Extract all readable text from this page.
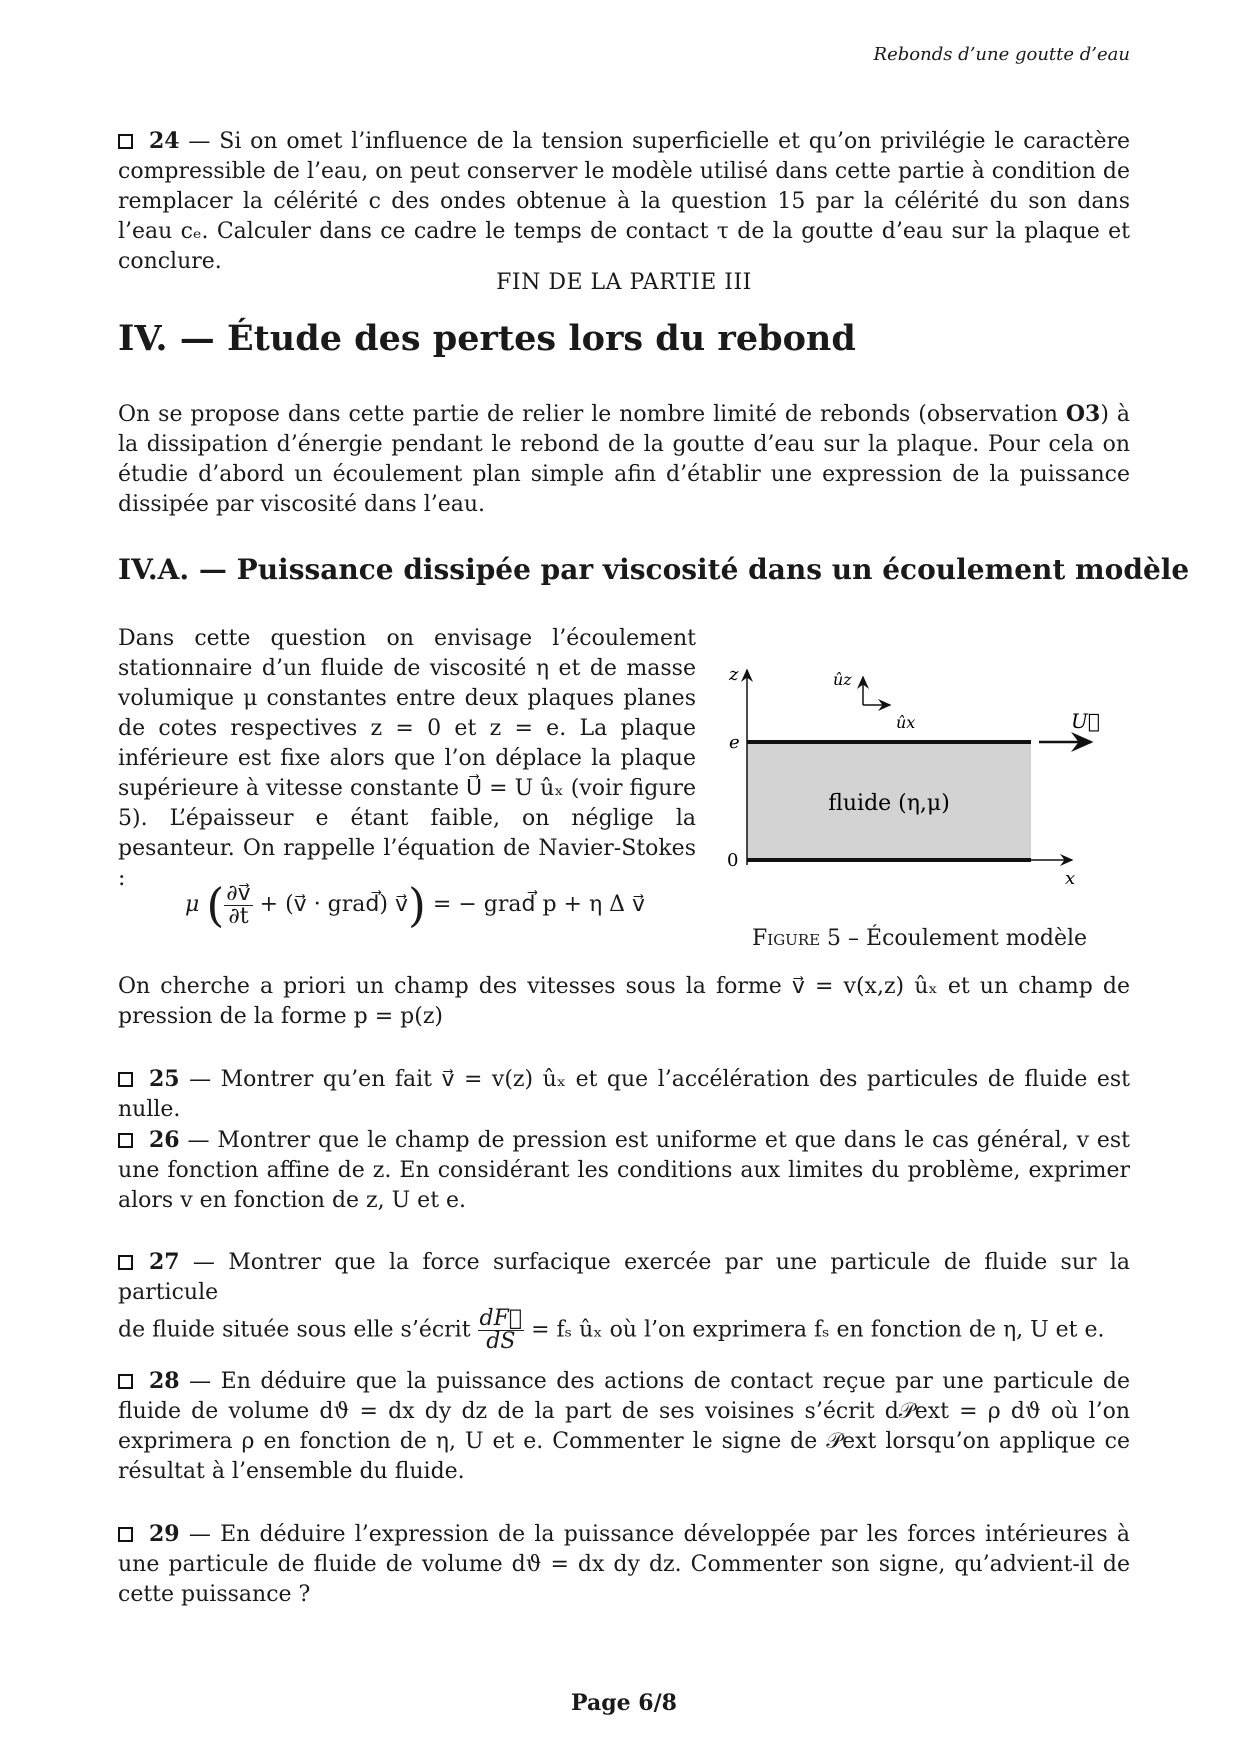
Rebonds d’une goutte d’eau
24 — Si on omet l’influence de la tension superficielle et qu’on privilégie le caractère compressible de l’eau, on peut conserver le modèle utilisé dans cette partie à condition de remplacer la célérité c des ondes obtenue à la question 15 par la célérité du son dans l’eau cₑ. Calculer dans ce cadre le temps de contact τ de la goutte d’eau sur la plaque et conclure.
FIN DE LA PARTIE III
IV. — Étude des pertes lors du rebond
On se propose dans cette partie de relier le nombre limité de rebonds (observation O3) à la dissipation d’énergie pendant le rebond de la goutte d’eau sur la plaque. Pour cela on étudie d’abord un écoulement plan simple afin d’établir une expression de la puissance dissipée par viscosité dans l’eau.
IV.A. — Puissance dissipée par viscosité dans un écoulement modèle
Dans cette question on envisage l’écoulement stationnaire d’un fluide de viscosité η et de masse volumique μ constantes entre deux plaques planes de cotes respectives z = 0 et z = e. La plaque inférieure est fixe alors que l’on déplace la plaque supérieure à vitesse constante U⃗ = U ûₓ (voir figure 5). L’épaisseur e étant faible, on néglige la pesanteur. On rappelle l’équation de Navier-Stokes :
μ ( $\frac{\partial v⃗}{\partial t}$ + (v⃗ · grad⃗) v⃗) = − grad⃗ p + η Δ v⃗
z
e
0
x
ûz
ûx	U⃗
fluide (η,μ)
Figure 5 – Écoulement modèle
On cherche a priori un champ des vitesses sous la forme v⃗ = v(x,z) ûₓ et un champ de pression de la forme p = p(z)
25 — Montrer qu’en fait v⃗ = v(z) ûₓ et que l’accélération des particules de fluide est nulle.
26 — Montrer que le champ de pression est uniforme et que dans le cas général, v est une fonction affine de z. En considérant les conditions aux limites du problème, exprimer alors v en fonction de z, U et e.
27 — Montrer que la force surfacique exercée par une particule de fluide sur la particule
de fluide située sous elle s’écrit $\frac{dF⃗}{dS} = f_s$ ûₓ où l’on exprimera fₛ en fonction de η, U et e.
28 — En déduire que la puissance des actions de contact reçue par une particule de fluide de volume dϑ = dx dy dz de la part de ses voisines s’écrit d𝒫ext = ρ dϑ où l’on exprimera ρ en fonction de η, U et e. Commenter le signe de 𝒫ext lorsqu’on applique ce résultat à l’ensemble du fluide.
29 — En déduire l’expression de la puissance développée par les forces intérieures à une particule de fluide de volume dϑ = dx dy dz. Commenter son signe, qu’advient-il de cette puissance ?
Page 6/8
